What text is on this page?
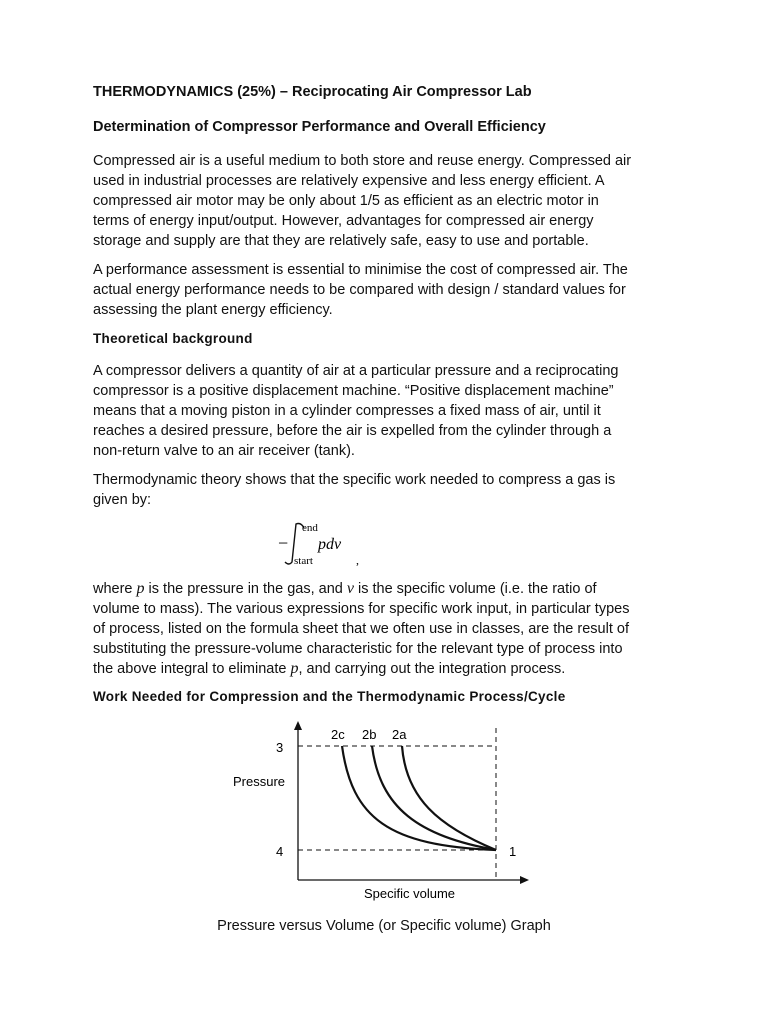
THERMODYNAMICS (25%) – Reciprocating Air Compressor Lab
Determination of Compressor Performance and Overall Efficiency
Compressed air is a useful medium to both store and reuse energy. Compressed air
used in industrial processes are relatively expensive and less energy efficient. A
compressed air motor may be only about 1/5 as efficient as an electric motor in
terms of energy input/output. However, advantages for compressed air energy
storage and supply are that they are relatively safe, easy to use and portable.
A performance assessment is essential to minimise the cost of compressed air. The
actual energy performance needs to be compared with design / standard values for
assessing the plant energy efficiency.
Theoretical background
A compressor delivers a quantity of air at a particular pressure and a reciprocating
compressor is a positive displacement machine. “Positive displacement machine”
means that a moving piston in a cylinder compresses a fixed mass of air, until it
reaches a desired pressure, before the air is expelled from the cylinder through a
non-return valve to an air receiver (tank).
Thermodynamic theory shows that the specific work needed to compress a gas is
given by:
−
end
start
pdv
,
where p is the pressure in the gas, and v is the specific volume (i.e. the ratio of
volume to mass). The various expressions for specific work input, in particular types
of process, listed on the formula sheet that we often use in classes, are the result of
substituting the pressure-volume characteristic for the relevant type of process into
the above integral to eliminate p, and carrying out the integration process.
Work Needed for Compression and the Thermodynamic Process/Cycle
3
4	1
2a
2b
2c
Pressure
Specific volume
Pressure versus Volume (or Specific volume) Graph
